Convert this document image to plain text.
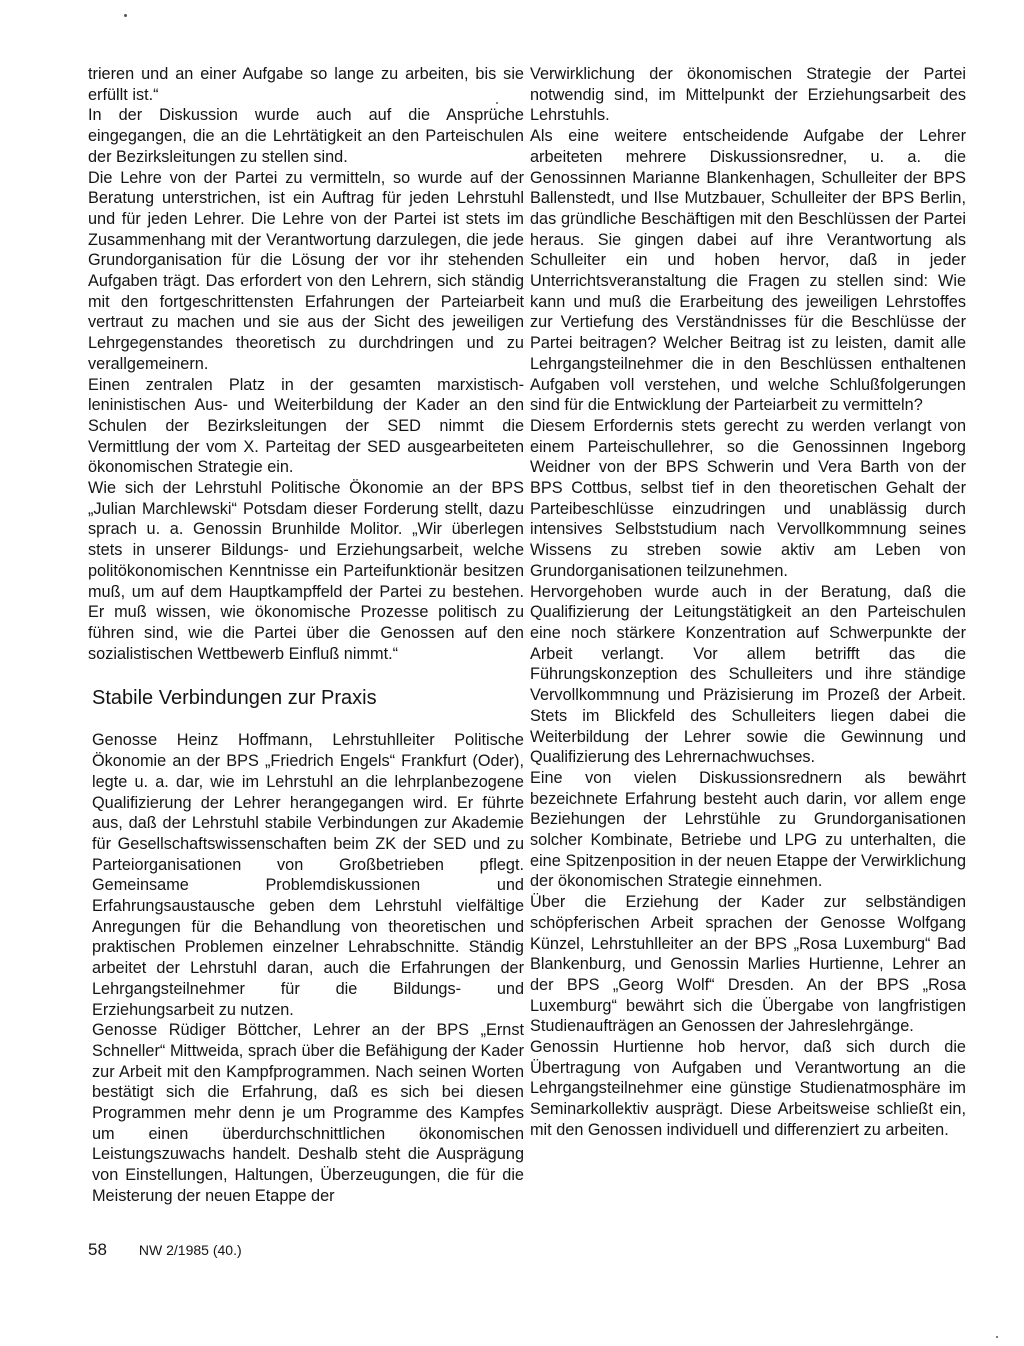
trieren und an einer Aufgabe so lange zu arbeiten, bis sie erfüllt ist.“

In der Diskussion wurde auch auf die Ansprüche eingegangen, die an die Lehrtätigkeit an den Parteischulen der Bezirksleitungen zu stellen sind.

Die Lehre von der Partei zu vermitteln, so wurde auf der Beratung unterstrichen, ist ein Auftrag für jeden Lehrstuhl und für jeden Lehrer. Die Lehre von der Partei ist stets im Zusammenhang mit der Verantwortung darzulegen, die jede Grundorganisation für die Lösung der vor ihr stehenden Aufgaben trägt. Das erfordert von den Lehrern, sich ständig mit den fortgeschrittensten Erfahrungen der Parteiarbeit vertraut zu machen und sie aus der Sicht des jeweiligen Lehrgegenstandes theoretisch zu durchdringen und zu verallgemeinern.

Einen zentralen Platz in der gesamten marxistisch-leninistischen Aus- und Weiterbildung der Kader an den Schulen der Bezirksleitungen der SED nimmt die Vermittlung der vom X. Parteitag der SED ausgearbeiteten ökonomischen Strategie ein.

Wie sich der Lehrstuhl Politische Ökonomie an der BPS „Julian Marchlewski“ Potsdam dieser Forderung stellt, dazu sprach u. a. Genossin Brunhilde Molitor. „Wir überlegen stets in unserer Bildungs- und Erziehungsarbeit, welche politökonomischen Kenntnisse ein Parteifunktionär besitzen muß, um auf dem Hauptkampffeld der Partei zu bestehen. Er muß wissen, wie ökonomische Prozesse politisch zu führen sind, wie die Partei über die Genossen auf den sozialistischen Wettbewerb Einfluß nimmt.“

Stabile Verbindungen zur Praxis

Genosse Heinz Hoffmann, Lehrstuhlleiter Politische Ökonomie an der BPS „Friedrich Engels“ Frankfurt (Oder), legte u. a. dar, wie im Lehrstuhl an die lehrplanbezogene Qualifizierung der Lehrer herangegangen wird. Er führte aus, daß der Lehrstuhl stabile Verbindungen zur Akademie für Gesellschaftswissenschaften beim ZK der SED und zu Parteiorganisationen von Großbetrieben pflegt. Gemeinsame Problemdiskussionen und Erfahrungsaustausche geben dem Lehrstuhl vielfältige Anregungen für die Behandlung von theoretischen und praktischen Problemen einzelner Lehrabschnitte. Ständig arbeitet der Lehrstuhl daran, auch die Erfahrungen der Lehrgangsteilnehmer für die Bildungs- und Erziehungsarbeit zu nutzen.

Genosse Rüdiger Böttcher, Lehrer an der BPS „Ernst Schneller“ Mittweida, sprach über die Befähigung der Kader zur Arbeit mit den Kampfprogrammen. Nach seinen Worten bestätigt sich die Erfahrung, daß es sich bei diesen Programmen mehr denn je um Programme des Kampfes um einen überdurchschnittlichen ökonomischen Leistungszuwachs handelt. Deshalb steht die Ausprägung von Einstellungen, Haltungen, Überzeugungen, die für die Meisterung der neuen Etappe der

Verwirklichung der ökonomischen Strategie der Partei notwendig sind, im Mittelpunkt der Erziehungsarbeit des Lehrstuhls.

Als eine weitere entscheidende Aufgabe der Lehrer arbeiteten mehrere Diskussionsredner, u. a. die Genossinnen Marianne Blankenhagen, Schulleiter der BPS Ballenstedt, und Ilse Mutzbauer, Schulleiter der BPS Berlin, das gründliche Beschäftigen mit den Beschlüssen der Partei heraus. Sie gingen dabei auf ihre Verantwortung als Schulleiter ein und hoben hervor, daß in jeder Unterrichtsveranstaltung die Fragen zu stellen sind: Wie kann und muß die Erarbeitung des jeweiligen Lehrstoffes zur Vertiefung des Verständnisses für die Beschlüsse der Partei beitragen? Welcher Beitrag ist zu leisten, damit alle Lehrgangsteilnehmer die in den Beschlüssen enthaltenen Aufgaben voll verstehen, und welche Schlußfolgerungen sind für die Entwicklung der Parteiarbeit zu vermitteln?

Diesem Erfordernis stets gerecht zu werden verlangt von einem Parteischullehrer, so die Genossinnen Ingeborg Weidner von der BPS Schwerin und Vera Barth von der BPS Cottbus, selbst tief in den theoretischen Gehalt der Parteibeschlüsse einzudringen und unablässig durch intensives Selbststudium nach Vervollkommnung seines Wissens zu streben sowie aktiv am Leben von Grundorganisationen teilzunehmen.

Hervorgehoben wurde auch in der Beratung, daß die Qualifizierung der Leitungstätigkeit an den Parteischulen eine noch stärkere Konzentration auf Schwerpunkte der Arbeit verlangt. Vor allem betrifft das die Führungskonzeption des Schulleiters und ihre ständige Vervollkommnung und Präzisierung im Prozeß der Arbeit. Stets im Blickfeld des Schulleiters liegen dabei die Weiterbildung der Lehrer sowie die Gewinnung und Qualifizierung des Lehrernachwuchses.

Eine von vielen Diskussionsrednern als bewährt bezeichnete Erfahrung besteht auch darin, vor allem enge Beziehungen der Lehrstühle zu Grundorganisationen solcher Kombinate, Betriebe und LPG zu unterhalten, die eine Spitzenposition in der neuen Etappe der Verwirklichung der ökonomischen Strategie einnehmen.

Über die Erziehung der Kader zur selbständigen schöpferischen Arbeit sprachen der Genosse Wolfgang Künzel, Lehrstuhlleiter an der BPS „Rosa Luxemburg“ Bad Blankenburg, und Genossin Marlies Hurtienne, Lehrer an der BPS „Georg Wolf“ Dresden. An der BPS „Rosa Luxemburg“ bewährt sich die Übergabe von langfristigen Studienaufträgen an Genossen der Jahreslehrgänge.

Genossin Hurtienne hob hervor, daß sich durch die Übertragung von Aufgaben und Verantwortung an die Lehrgangsteilnehmer eine günstige Studienatmosphäre im Seminarkollektiv ausprägt. Diese Arbeitsweise schließt ein, mit den Genossen individuell und differenziert zu arbeiten.

58 NW 2/1985 (40.)
